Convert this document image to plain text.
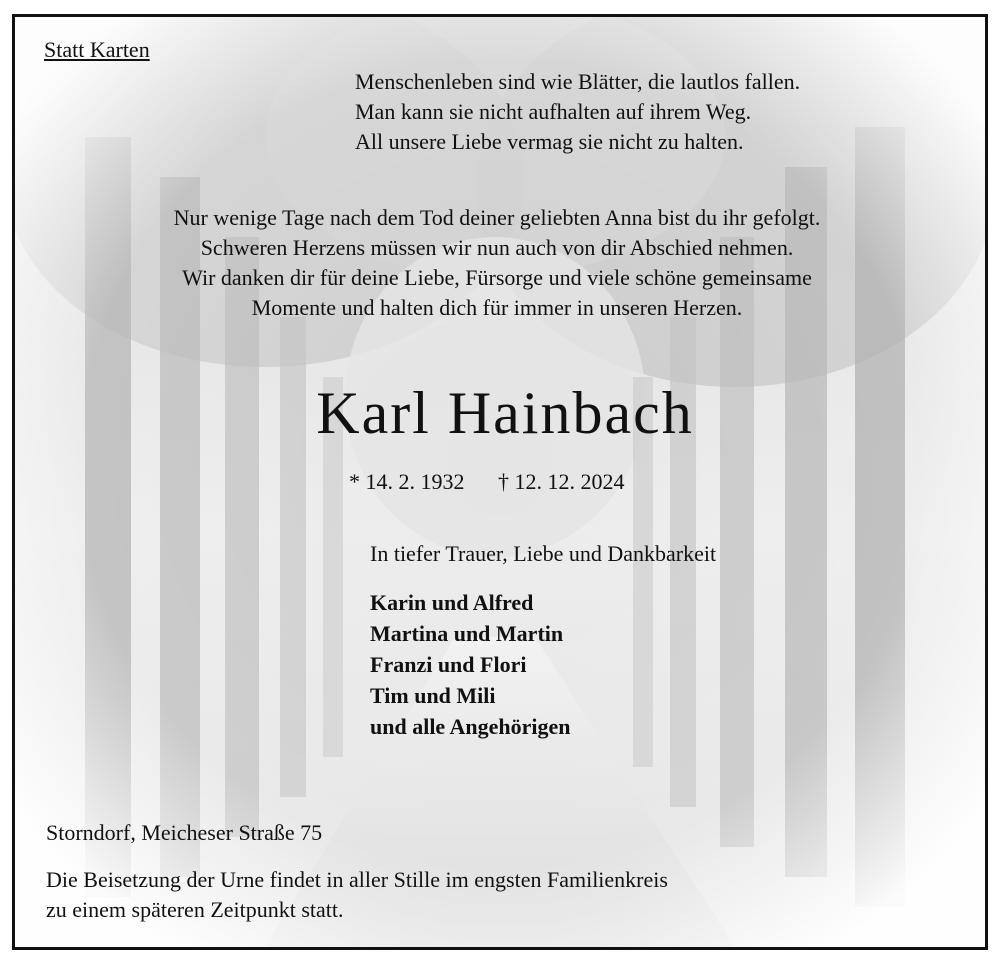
Statt Karten
Menschenleben sind wie Blätter, die lautlos fallen.
Man kann sie nicht aufhalten auf ihrem Weg.
All unsere Liebe vermag sie nicht zu halten.
Nur wenige Tage nach dem Tod deiner geliebten Anna bist du ihr gefolgt.
Schweren Herzens müssen wir nun auch von dir Abschied nehmen.
Wir danken dir für deine Liebe, Fürsorge und viele schöne gemeinsame
Momente und halten dich für immer in unseren Herzen.
Karl Hainbach
* 14. 2. 1932 † 12. 12. 2024
In tiefer Trauer, Liebe und Dankbarkeit
Karin und Alfred
Martina und Martin
Franzi und Flori
Tim und Mili
und alle Angehörigen
Storndorf, Meicheser Straße 75
Die Beisetzung der Urne findet in aller Stille im engsten Familienkreis
zu einem späteren Zeitpunkt statt.
